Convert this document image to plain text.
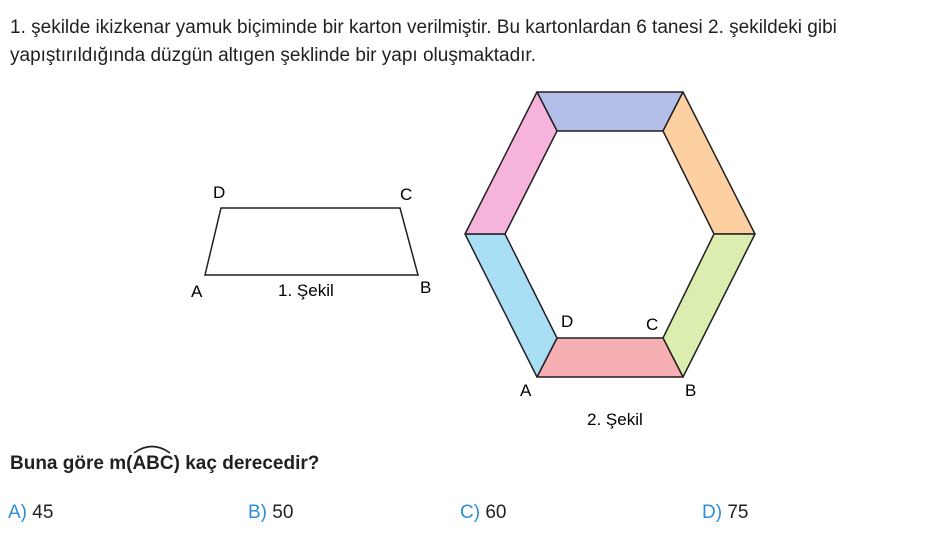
1. şekilde ikizkenar yamuk biçiminde bir karton verilmiştir. Bu kartonlardan 6 tanesi 2. şekildeki gibi
yapıştırıldığında düzgün altıgen şeklinde bir yapı oluşmaktadır.
A	B
C
D
1. Şekil
A	B
C
D
2. Şekil
Buna göre m(
ABC) kaç derecedir?
A) 45	B) 50	C) 60	D) 75
